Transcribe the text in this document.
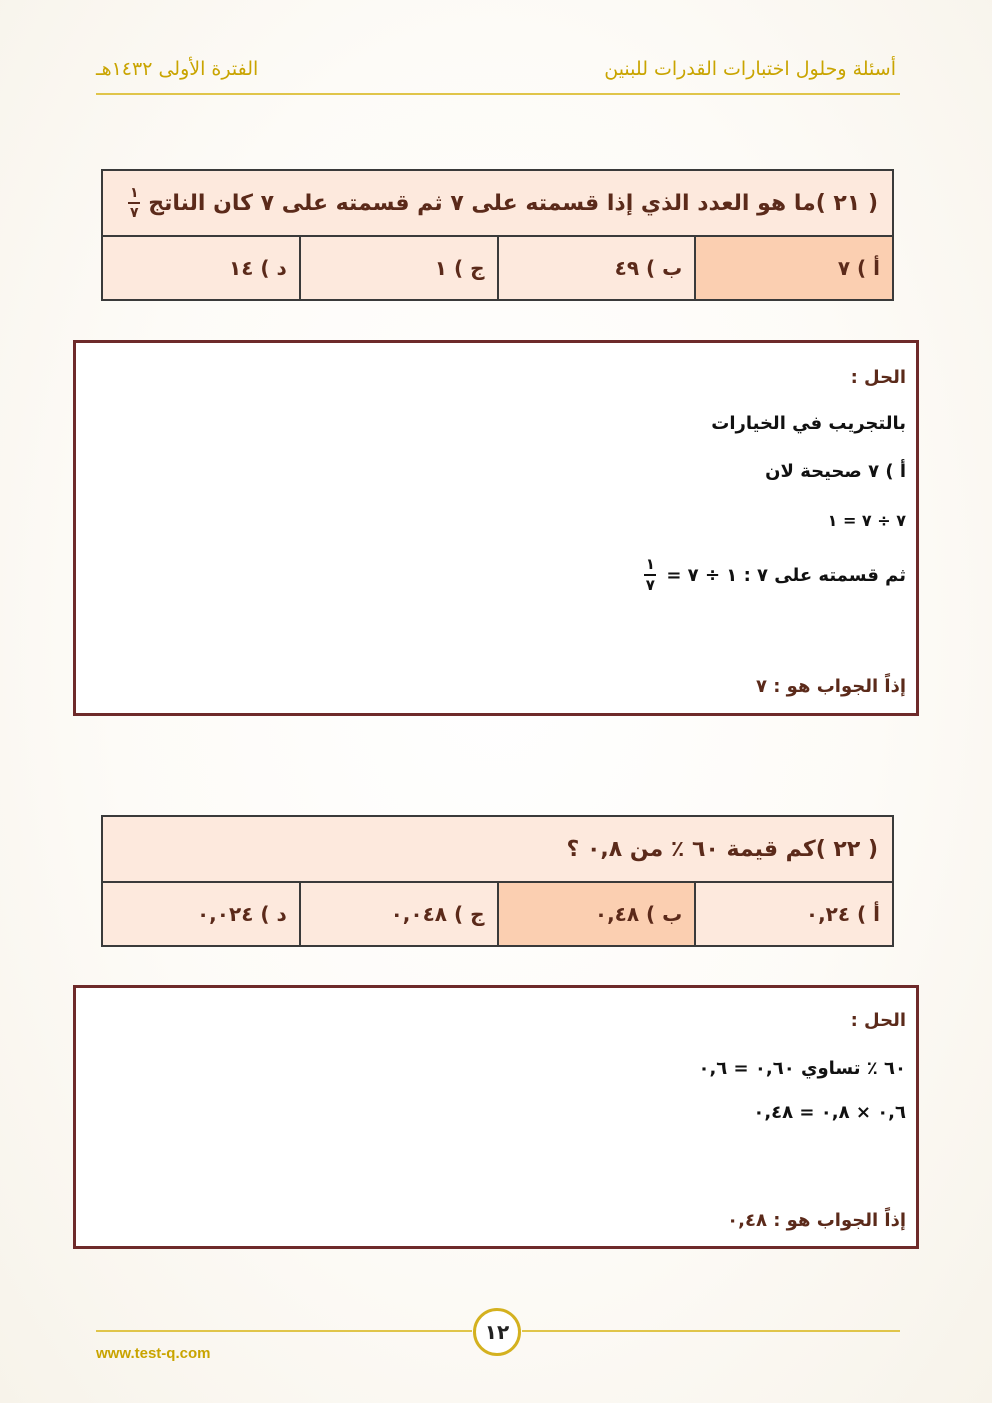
أسئلة وحلول اختبارات القدرات للبنين
الفترة الأولى ١٤٣٢هـ
( ٢١ )ما هو العدد الذي إذا قسمته على ٧ ثم قسمته على ٧ كان الناتج
$\frac{١}{٧}$
أ ) ٧
ب ) ٤٩
ج ) ١
د ) ١٤
الحل :
بالتجريب في الخيارات
أ ) ٧ صحيحة لان
٧ ÷ ٧ = ١
ثم قسمته على ٧ : ١ ÷ ٧ =
$\frac{١}{٧}$
إذاً الجواب هو : ٧
( ٢٢ )كم قيمة ٦٠ ٪ من ٠,٨ ؟
أ ) ٠,٢٤
ب ) ٠,٤٨
ج ) ٠,٠٤٨
د ) ٠,٠٢٤
الحل :
٦٠ ٪ تساوي ٠,٦٠ = ٠,٦
٠,٦ × ٠,٨ = ٠,٤٨
إذاً الجواب هو : ٠,٤٨
١٢
www.test-q.com
